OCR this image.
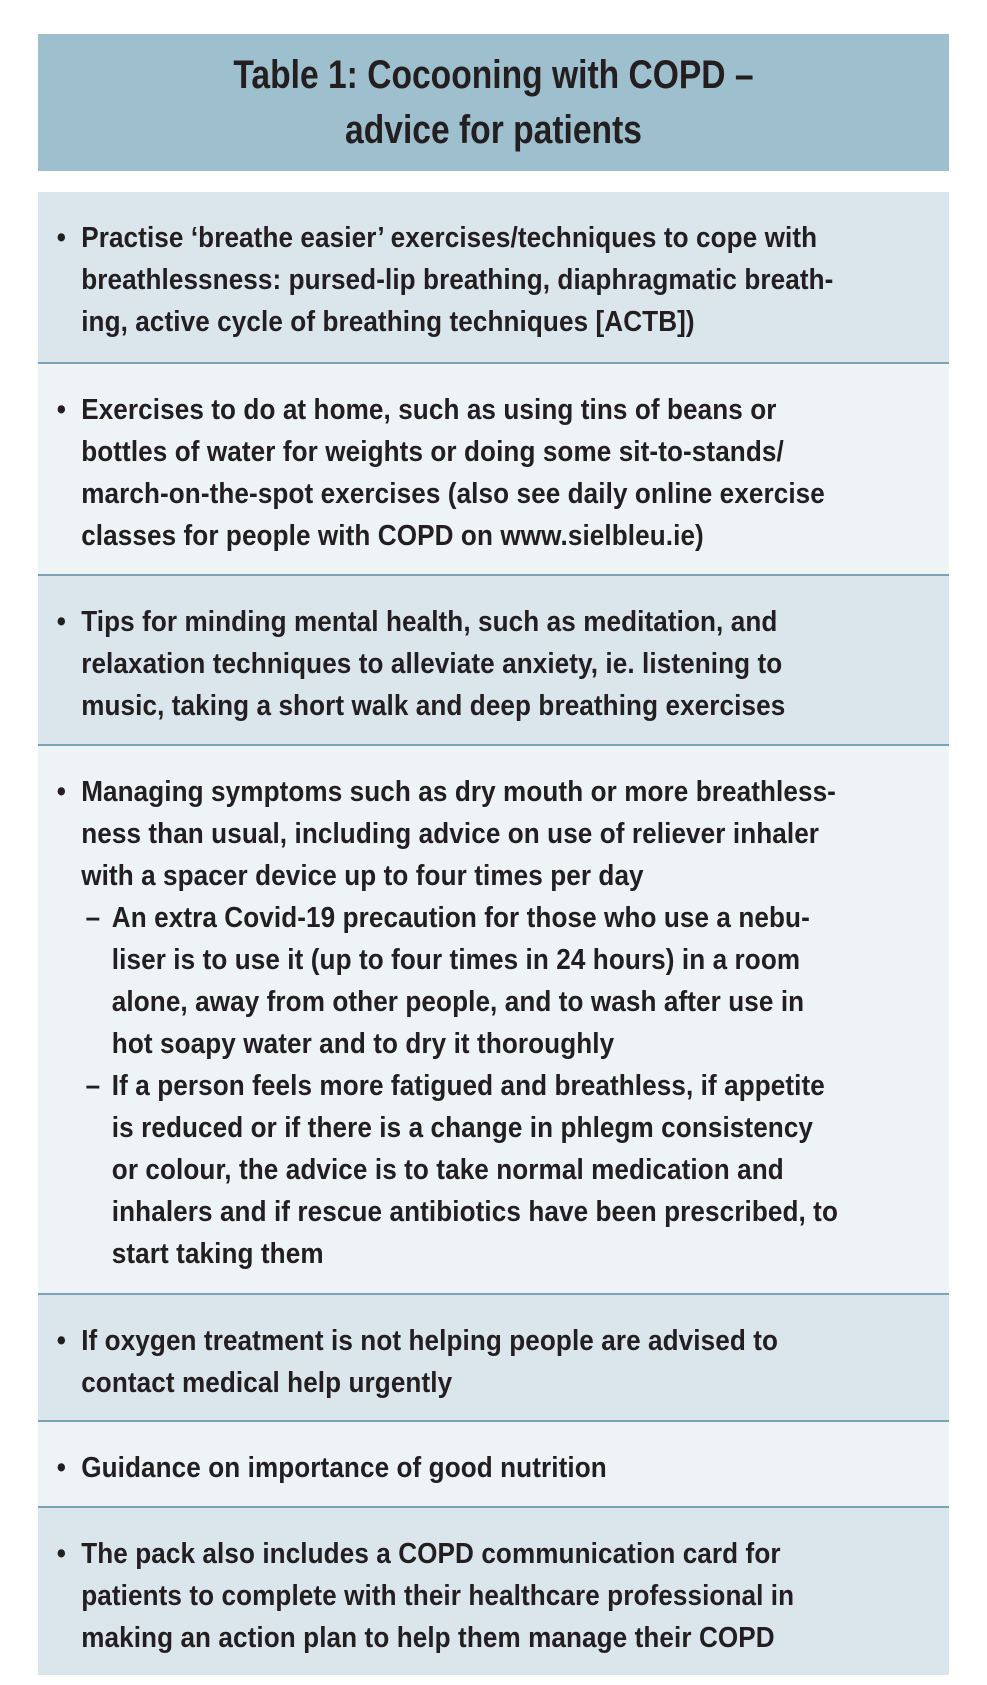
Table 1: Cocooning with COPD –
advice for patients
• Practise ‘breathe easier’ exercises/techniques to cope with
breathlessness: pursed-lip breathing, diaphragmatic breath-
ing, active cycle of breathing techniques [ACTB])
• Exercises to do at home, such as using tins of beans or
bottles of water for weights or doing some sit-to-stands/
march-on-the-spot exercises (also see daily online exercise
classes for people with COPD on www.sielbleu.ie)
• Tips for minding mental health, such as meditation, and
relaxation techniques to alleviate anxiety, ie. listening to
music, taking a short walk and deep breathing exercises
• Managing symptoms such as dry mouth or more breathless-
ness than usual, including advice on use of reliever inhaler
with a spacer device up to four times per day
– An extra Covid-19 precaution for those who use a nebu-
liser is to use it (up to four times in 24 hours) in a room
alone, away from other people, and to wash after use in
hot soapy water and to dry it thoroughly
– If a person feels more fatigued and breathless, if appetite
is reduced or if there is a change in phlegm consistency
or colour, the advice is to take normal medication and
inhalers and if rescue antibiotics have been prescribed, to
start taking them
• If oxygen treatment is not helping people are advised to
contact medical help urgently
• Guidance on importance of good nutrition
• The pack also includes a COPD communication card for
patients to complete with their healthcare professional in
making an action plan to help them manage their COPD
